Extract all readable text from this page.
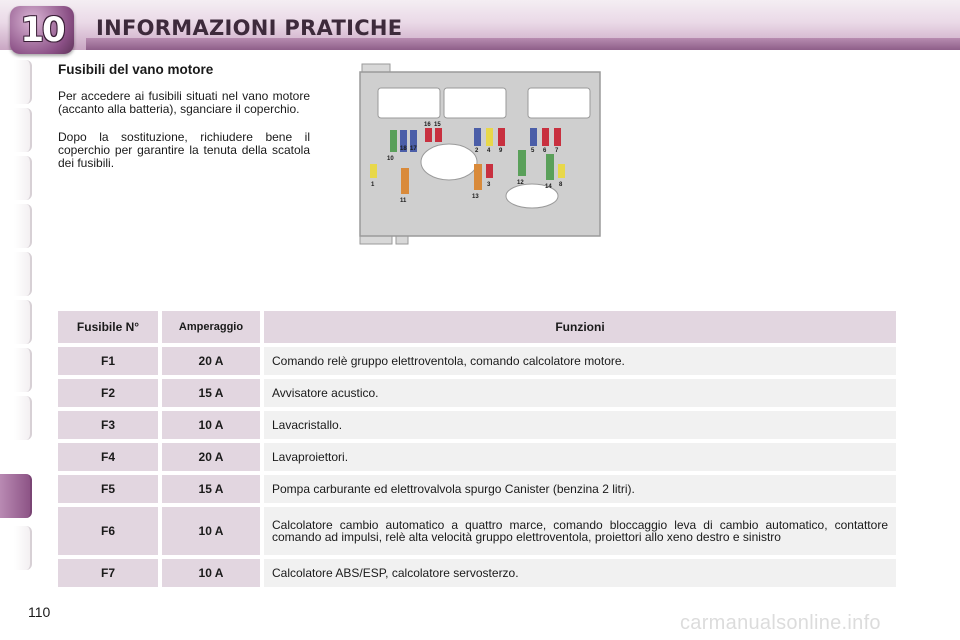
10	INFORMAZIONI PRATICHE
Fusibili del vano motore

Per accedere ai fusibili situati nel vano motore (accanto alla batteria), sganciare il coperchio.

Dopo la sostituzione, richiudere bene il coperchio per garantire la tenuta della scatola dei fusibili.	10
18 17
16 15
2 4 9	5 6 7
1
11
13
3	12
14 8
Fusibile N°	Amperaggio	Funzioni
F1	20 A	Comando relè gruppo elettroventola, comando calcolatore motore.
F2	15 A	Avvisatore acustico.
F3	10 A	Lavacristallo.
F4	20 A	Lavaproiettori.
F5	15 A	Pompa carburante ed elettrovalvola spurgo Canister (benzina 2 litri).
F6	10 A	Calcolatore cambio automatico a quattro marce, comando bloccaggio leva di cambio automatico, contattore comando ad impulsi, relè alta velocità gruppo elettroventola, proiettori allo xeno destro e sinistro
F7	10 A	Calcolatore ABS/ESP, calcolatore servosterzo.
110	carmanualsonline.info
